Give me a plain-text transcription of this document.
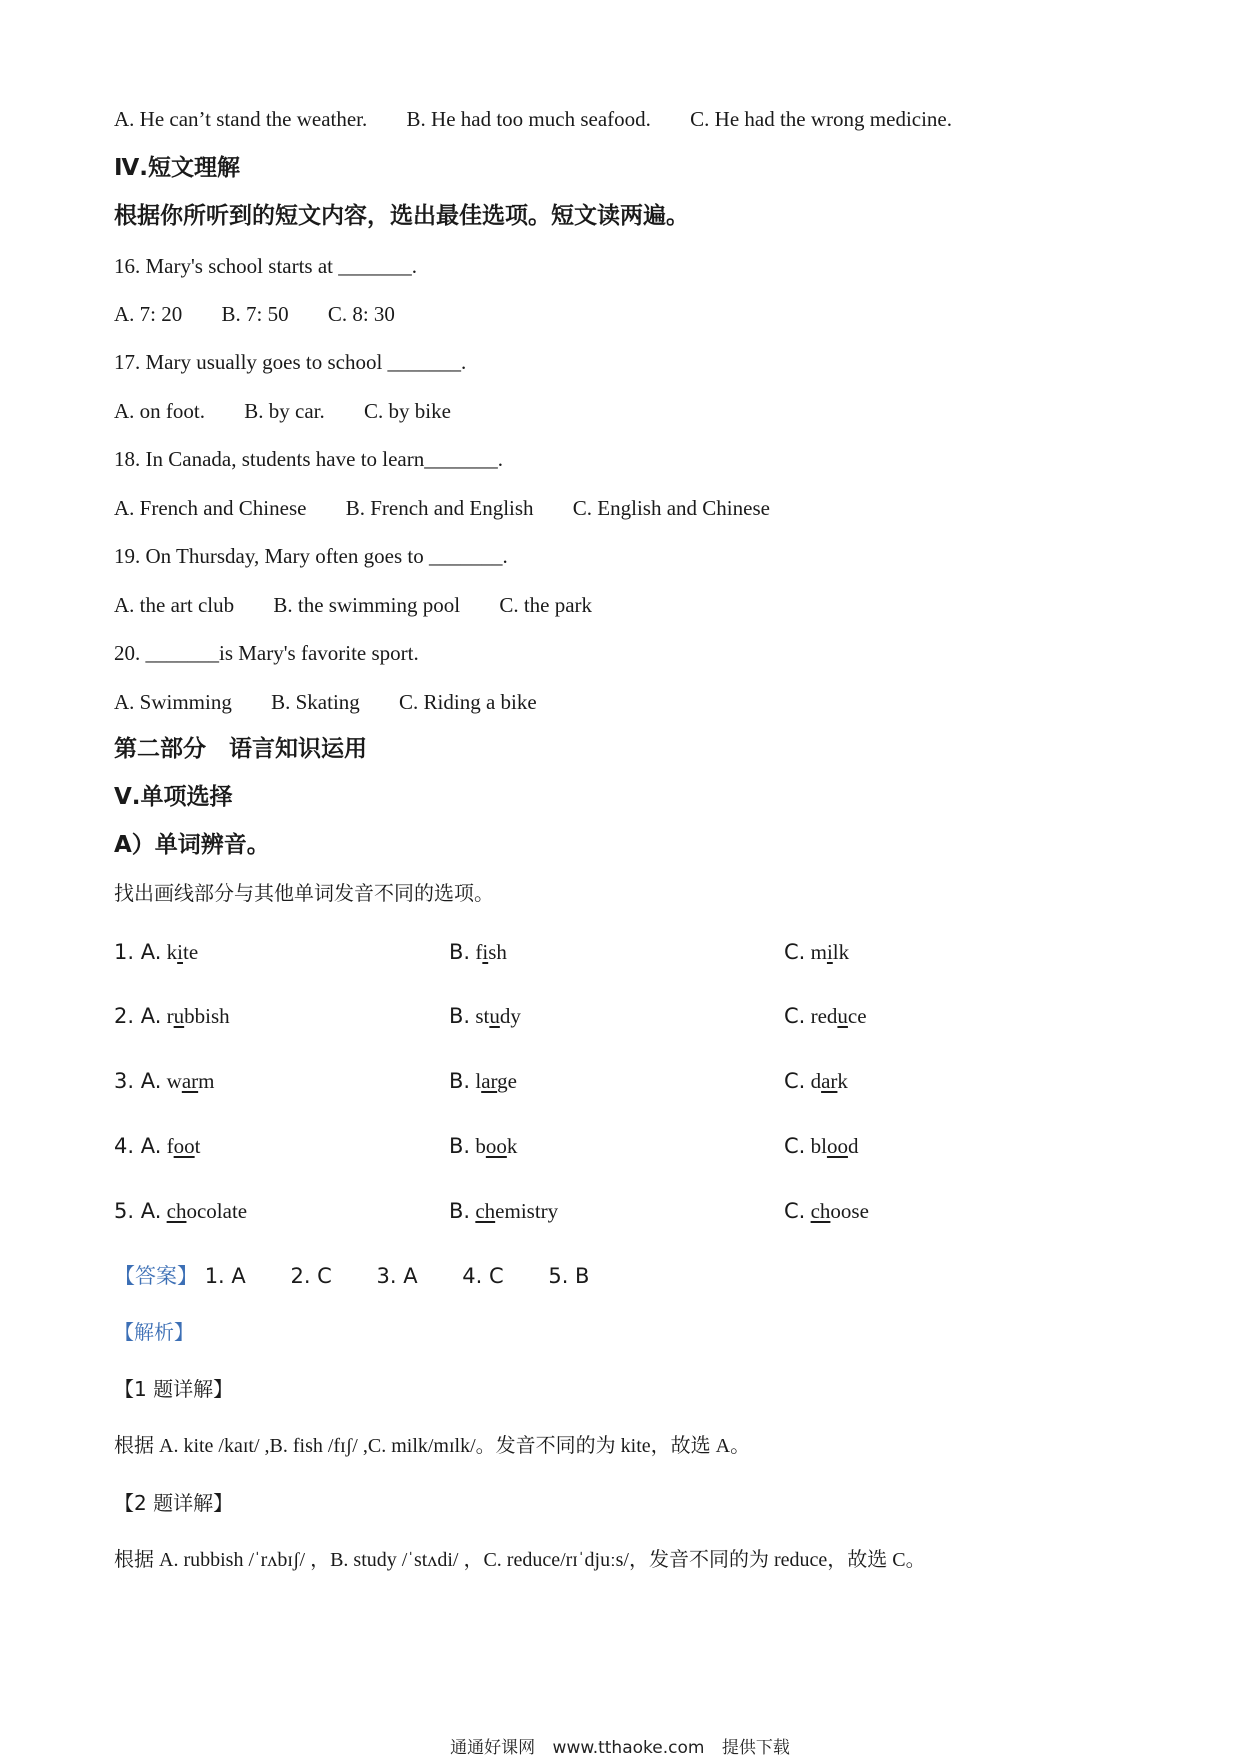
A. He can’t stand the weather. B. He had too much seafood. C. He had the wrong medicine.
Ⅳ.短文理解
根据你所听到的短文内容，选出最佳选项。短文读两遍。
16. Mary's school starts at _______.
A. 7: 20 B. 7: 50 C. 8: 30
17. Mary usually goes to school _______.
A. on foot. B. by car. C. by bike
18. In Canada, students have to learn_______.
A. French and Chinese B. French and English C. English and Chinese
19. On Thursday, Mary often goes to _______.
A. the art club B. the swimming pool C. the park
20. _______is Mary's favorite sport.
A. Swimming B. Skating C. Riding a bike
第二部分　语言知识运用
Ⅴ.单项选择
A）单词辨音。
找出画线部分与其他单词发音不同的选项。
1. A. kite	B. fish	C. milk
2. A. rubbish	B. study	C. reduce
3. A. warm	B. large	C. dark
4. A. foot	B. book	C. blood
5. A. chocolate	B. chemistry	C. choose
【答案】 1. A 2. C 3. A 4. C 5. B
【解析】
【1 题详解】
根据 A. kite /kaɪt/ ,B. fish /fɪʃ/ ,C. milk/mɪlk/。发音不同的为 kite，故选 A。
【2 题详解】
根据 A. rubbish /ˈrʌbɪʃ/ ，B. study /ˈstʌdi/ ，C. reduce/rɪˈdjuːs/，发音不同的为 reduce，故选 C。
通通好课网 www.tthaoke.com 提供下载
